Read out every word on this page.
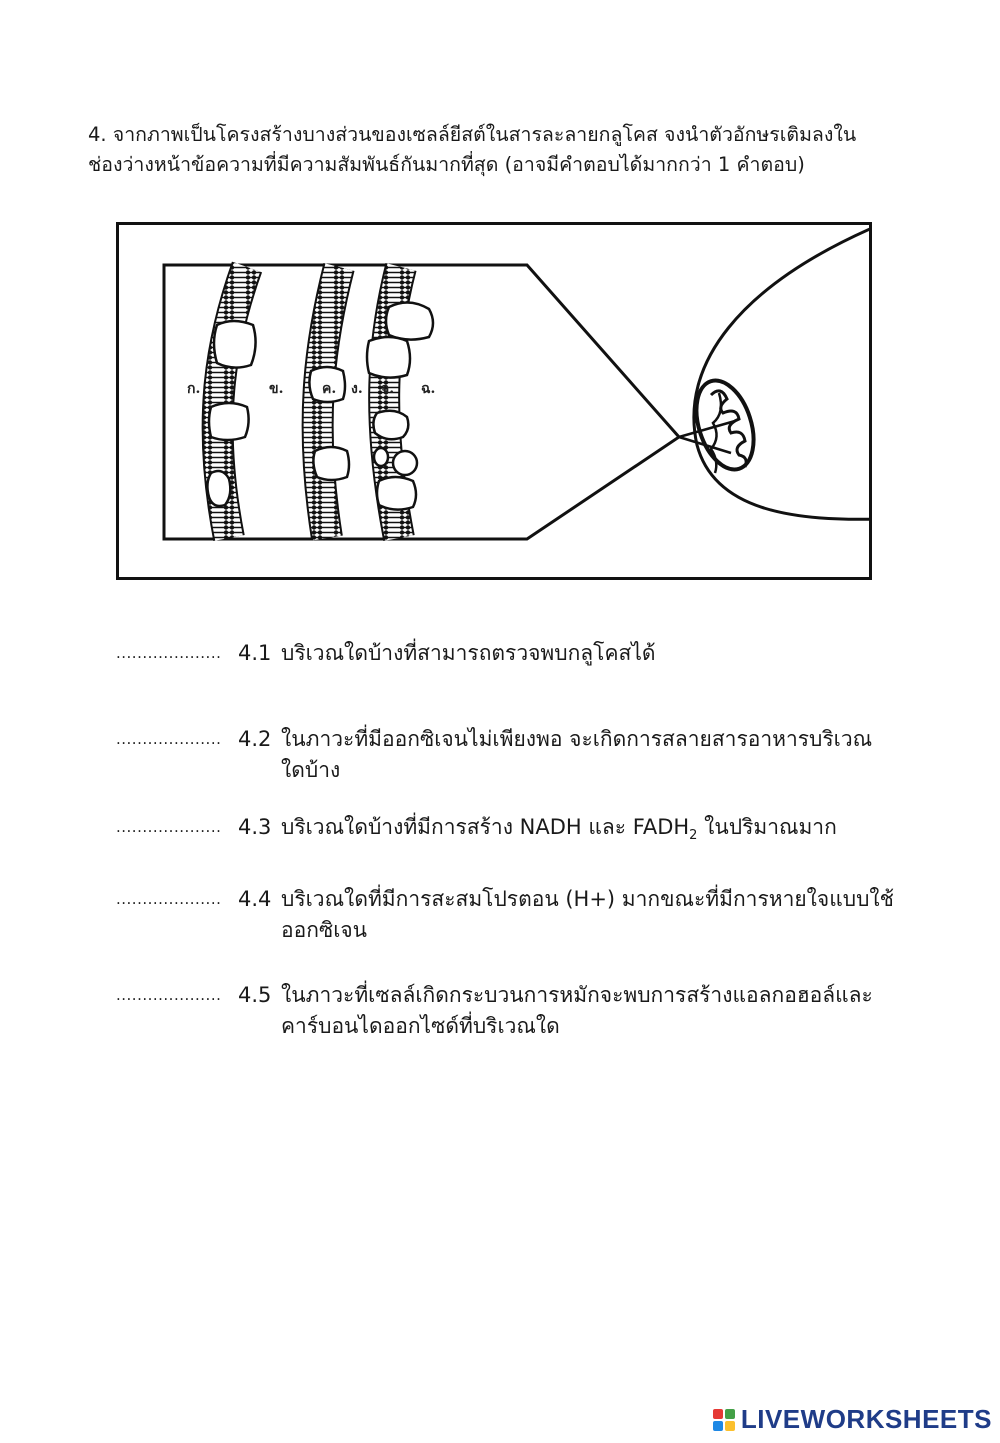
4. จากภาพเป็นโครงสร้างบางส่วนของเซลล์ยีสต์ในสารละลายกลูโคส จงนำตัวอักษรเติมลงใน

ช่องว่างหน้าข้อความที่มีความสัมพันธ์กันมากที่สุด (อาจมีคำตอบได้มากกว่า 1 คำตอบ)

ก.	ข.	ค. ง. จ. ฉ.
.................... 4.1 บริเวณใดบ้างที่สามารถตรวจพบกลูโคสได้
.................... 4.2 ในภาวะที่มีออกซิเจนไม่เพียงพอ จะเกิดการสลายสารอาหารบริเวณ
ใดบ้าง
.................... 4.3 บริเวณใดบ้างที่มีการสร้าง NADH และ $FADH_2$ ในปริมาณมาก
.................... 4.4 บริเวณใดที่มีการสะสมโปรตอน (H+) มากขณะที่มีการหายใจแบบใช้
ออกซิเจน
.................... 4.5 ในภาวะที่เซลล์เกิดกระบวนการหมักจะพบการสร้างแอลกอฮอล์และ
คาร์บอนไดออกไซด์ที่บริเวณใด
LIVEWORKSHEETS
